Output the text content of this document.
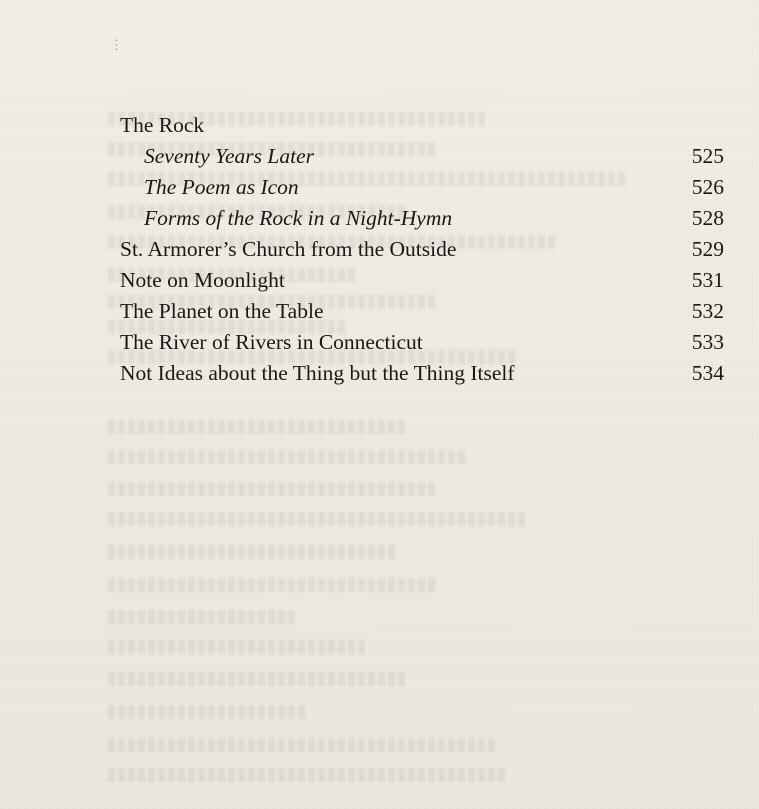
⋮
The Rock
Seventy Years Later	525
The Poem as Icon	526
Forms of the Rock in a Night-Hymn	528
St. Armorer’s Church from the Outside	529
Note on Moonlight	531
The Planet on the Table	532
The River of Rivers in Connecticut	533
Not Ideas about the Thing but the Thing Itself	534
